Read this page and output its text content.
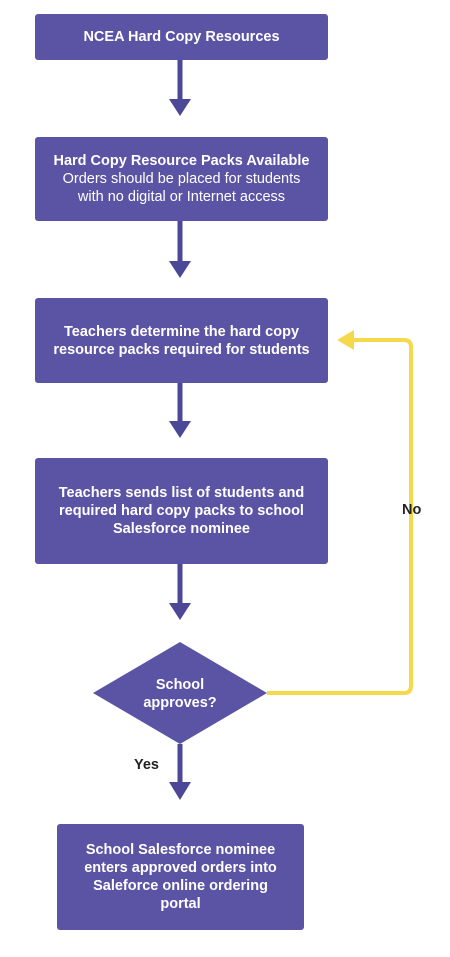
NCEA Hard Copy Resources
Hard Copy Resource Packs Available
Orders should be placed for students
with no digital or Internet access
Teachers determine the hard copy
resource packs required for students
Teachers sends list of students and
required hard copy packs to school
Salesforce nominee
School
approves?
Yes
No
School Salesforce nominee
enters approved orders into
Saleforce online ordering
portal
